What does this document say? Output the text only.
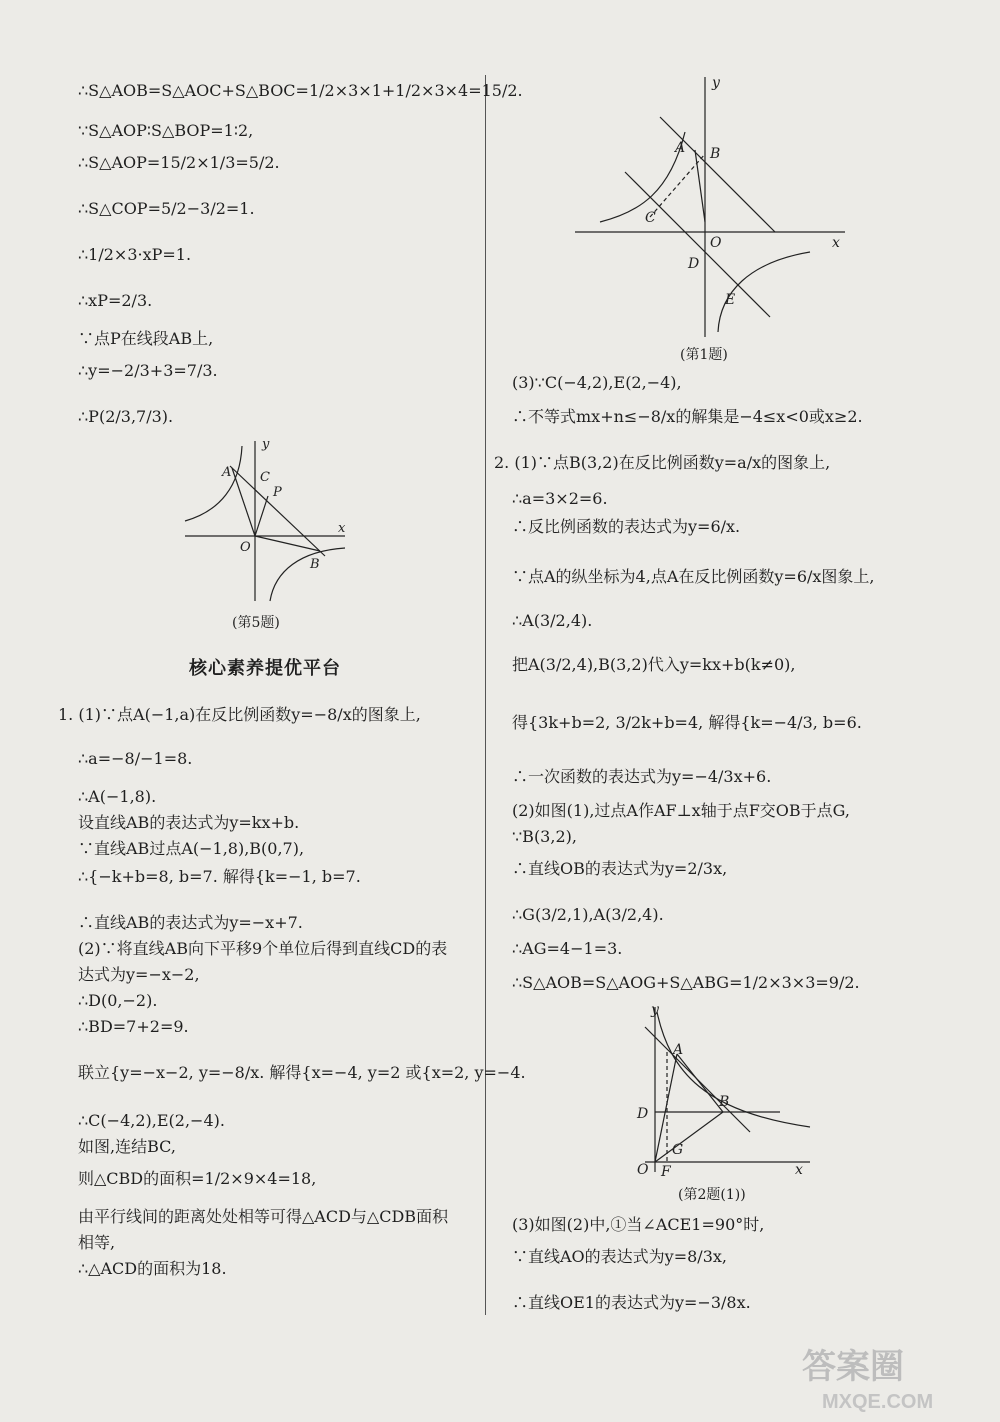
∴S△AOB=S△AOC+S△BOC=1/2×3×1+1/2×3×4=15/2.
∵S△AOP∶S△BOP=1∶2,
∴S△AOP=15/2×1/3=5/2.
∴S△COP=5/2−3/2=1.
∴1/2×3·xP=1.
∴xP=2/3.
∵点P在线段AB上,
∴y=−2/3+3=7/3.
∴P(2/3,7/3).
1. (1)∵点A(−1,a)在反比例函数y=−8/x的图象上,
∴a=−8/−1=8.
∴A(−1,8).
设直线AB的表达式为y=kx+b.
∵直线AB过点A(−1,8),B(0,7),
∴{−k+b=8, b=7. 解得{k=−1, b=7.
∴直线AB的表达式为y=−x+7.
(2)∵将直线AB向下平移9个单位后得到直线CD的表
达式为y=−x−2,
∴D(0,−2).
∴BD=7+2=9.
联立{y=−x−2, y=−8/x. 解得{x=−4, y=2 或{x=2, y=−4.
∴C(−4,2),E(2,−4).
如图,连结BC,
则△CBD的面积=1/2×9×4=18,
由平行线间的距离处处相等可得△ACD与△CDB面积
相等,
∴△ACD的面积为18.
(3)∵C(−4,2),E(2,−4),
∴不等式mx+n≤−8/x的解集是−4≤x<0或x≥2.
2. (1)∵点B(3,2)在反比例函数y=a/x的图象上,
∴a=3×2=6.
∴反比例函数的表达式为y=6/x.
∵点A的纵坐标为4,点A在反比例函数y=6/x图象上,
∴A(3/2,4).
把A(3/2,4),B(3,2)代入y=kx+b(k≠0),
得{3k+b=2, 3/2k+b=4, 解得{k=−4/3, b=6.
∴一次函数的表达式为y=−4/3x+6.
(2)如图(1),过点A作AF⊥x轴于点F交OB于点G,
∵B(3,2),
∴直线OB的表达式为y=2/3x,
∴G(3/2,1),A(3/2,4).
∴AG=4−1=3.
∴S△AOB=S△AOG+S△ABG=1/2×3×3=9/2.
(3)如图(2)中,①当∠ACE1=90°时,
∵直线AO的表达式为y=8/3x,
∴直线OE1的表达式为y=−3/8x.
核心素养提优平台
y
x
O
A C
P
B
(第5题)
y
x
A B
C
O
D
E
(第1题)
y
x
O F
G
D
A
B
(第2题(1))
答案圈
MXQE.COM
